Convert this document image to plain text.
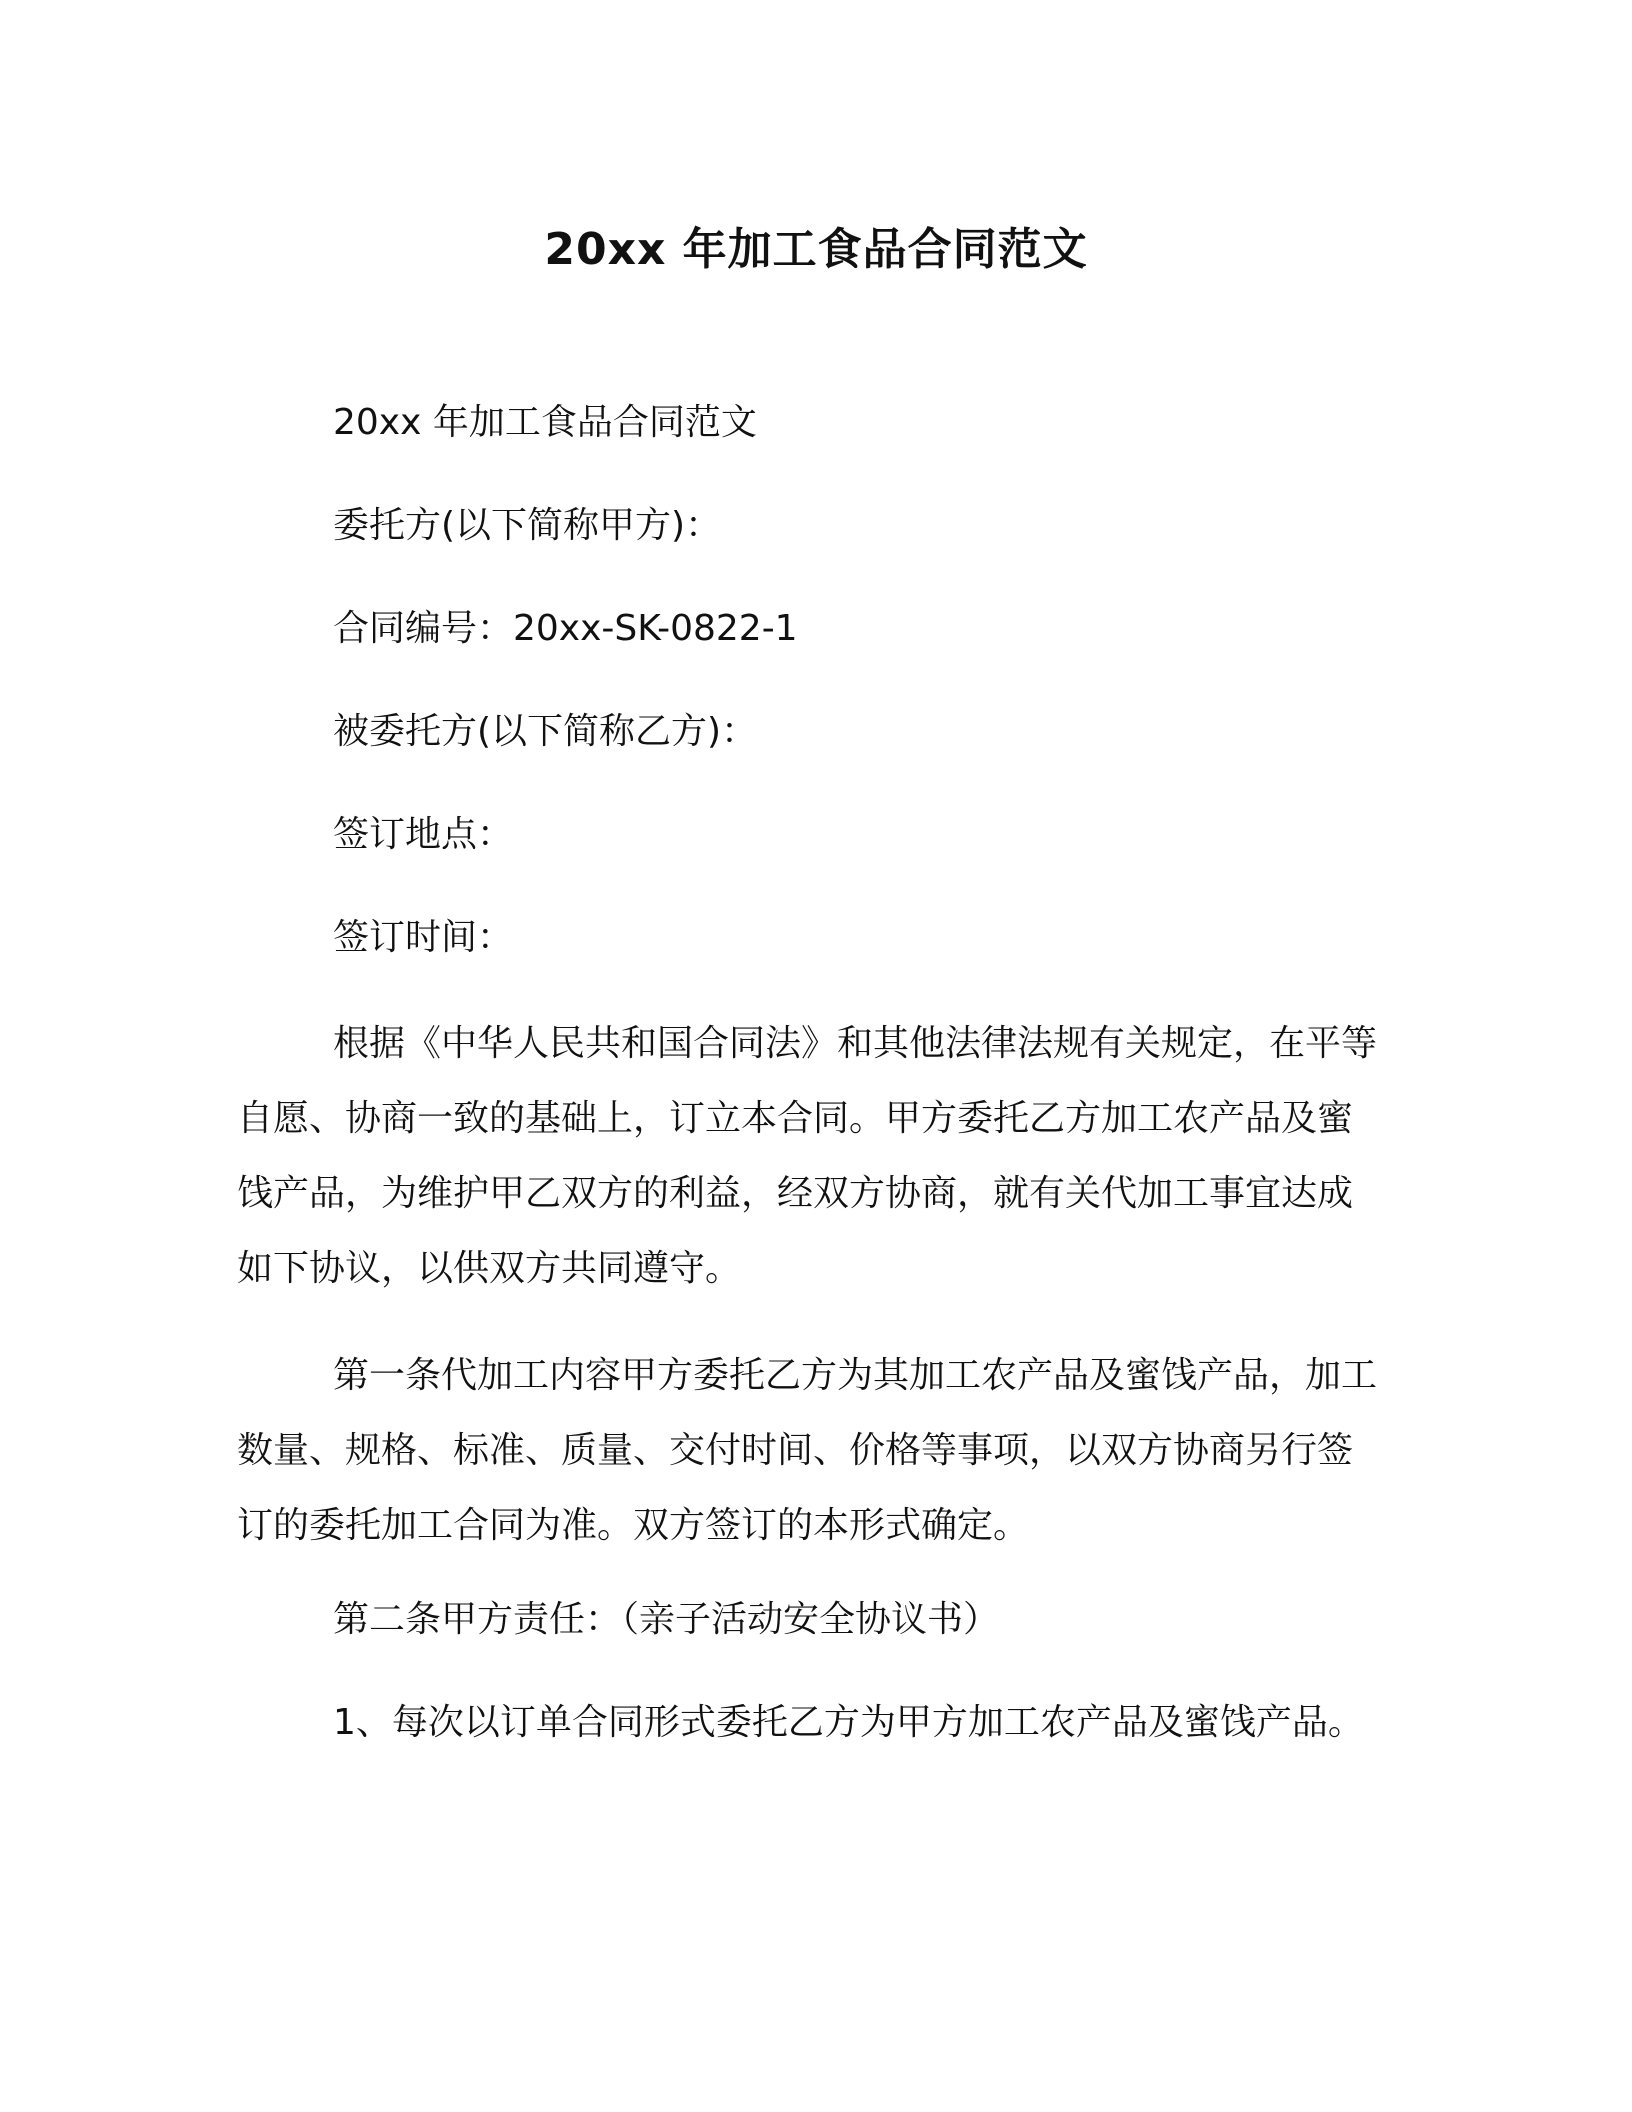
20xx 年加工食品合同范文
20xx 年加工食品合同范文
委托方(以下简称甲方)：
合同编号：20xx-SK-0822-1
被委托方(以下简称乙方)：
签订地点：
签订时间：

根据《中华人民共和国合同法》和其他法律法规有关规定，在平等自愿、协商一致的基础上，订立本合同。甲方委托乙方加工农产品及蜜饯产品，为维护甲乙双方的利益，经双方协商，就有关代加工事宜达成如下协议，以供双方共同遵守。

第一条代加工内容甲方委托乙方为其加工农产品及蜜饯产品，加工数量、规格、标准、质量、交付时间、价格等事项，以双方协商另行签订的委托加工合同为准。双方签订的本形式确定。

第二条甲方责任：（亲子活动安全协议书）
1、每次以订单合同形式委托乙方为甲方加工农产品及蜜饯产品。
